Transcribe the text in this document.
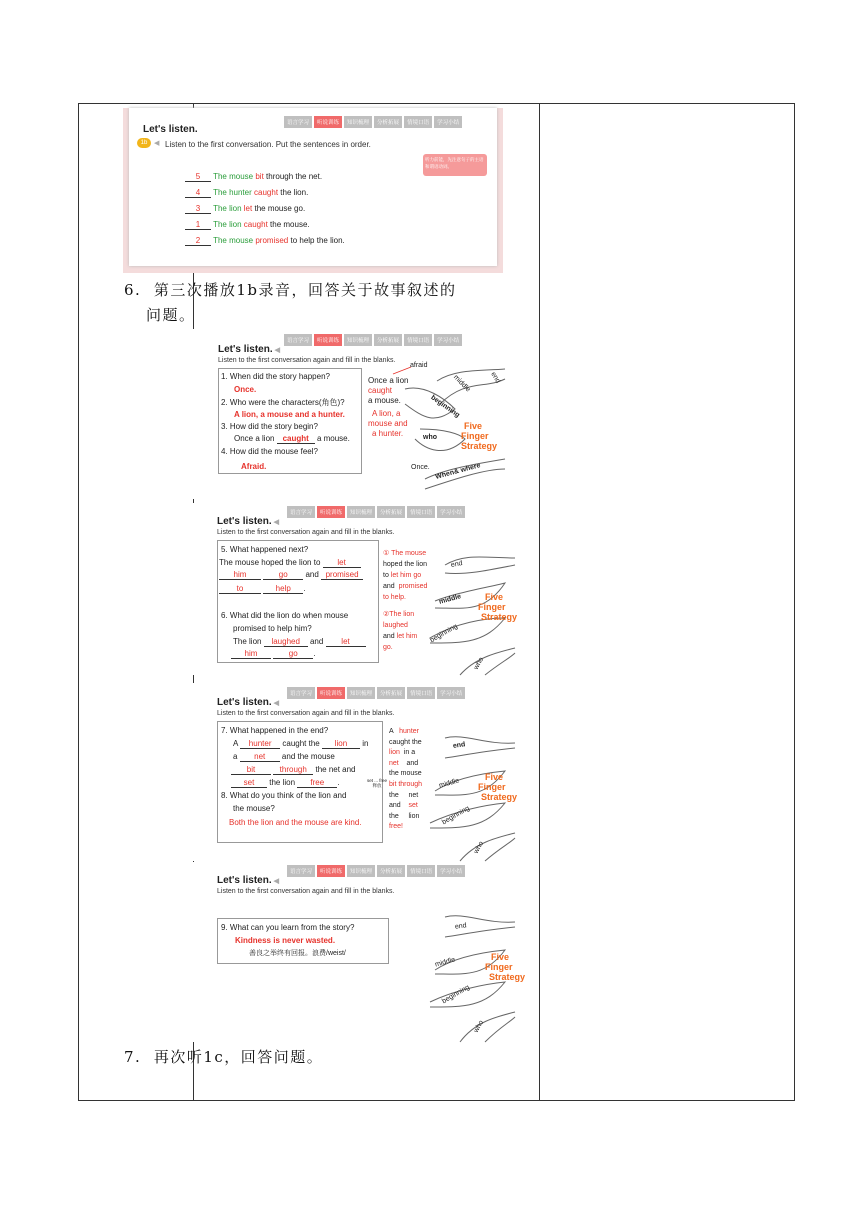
语言学习	听说训练	知识梳理	分析拓展	情境口语	学习小结
Let's listen.
1b ◀ Listen to the first conversation. Put the sentences in order.
听力前能，先注意句子的主语和谓语动词。
5 The mouse bit through the net.
4 The hunter caught the lion.
3 The lion let the mouse go.
1 The lion caught the mouse.
2 The mouse promised to help the lion.
6. 第三次播放1b录音，回答关于故事叙述的
问题。
语言学习	听说训练	知识梳理	分析拓展	情境口语	学习小结
Let's listen. ◀
Listen to the first conversation again and fill in the blanks.
1. When did the story happen?
Once.
2. Who were the characters(角色)?
A lion, a mouse and a hunter.
3. How did the story begin?
Once a lion caught a mouse.
4. How did the mouse feel?
Afraid.
Once a lion
caught
a mouse.
A lion, a
mouse and
a hunter.
afraid
middle	end
beginning
who
Five
Finger
Strategy
Once. When& where
语言学习	听说训练	知识梳理	分析拓展	情境口语	学习小结
Let's listen. ◀
Listen to the first conversation again and fill in the blanks.
5. What happened next?
The mouse hoped the lion to let
him	go and promised
to	help .
6. What did the lion do when mouse
promised to help him?
The lion laughed and let
him	go .
① The mouse
hoped the lion
to let him go
and promised
to help.
②The lion
laughed
and let him
go.
end
middle
beginning
who
Five
Finger
Strategy
语言学习	听说训练	知识梳理	分析拓展	情境口语	学习小结
Let's listen. ◀
Listen to the first conversation again and fill in the blanks.
7. What happened in the end?
A hunter caught the lion in
a net and the mouse
bit	through the net and
set the lion free .	set ... free
释放
8. What do you think of the lion and
the mouse?
Both the lion and the mouse are kind.
A hunter
caught the
lion in a
net and
the mouse
bit through
the net
and set
the lion
free!
end
middle
beginning
who
Five
Finger
Strategy
语言学习	听说训练	知识梳理	分析拓展	情境口语	学习小结
Let's listen. ◀
Listen to the first conversation again and fill in the blanks.
9. What can you learn from the story?
Kindness is never wasted.
善良之举终有回报。浪费/weist/
end
middle
beginning
who
Five
Finger
Strategy
7. 再次听1c，回答问题。
